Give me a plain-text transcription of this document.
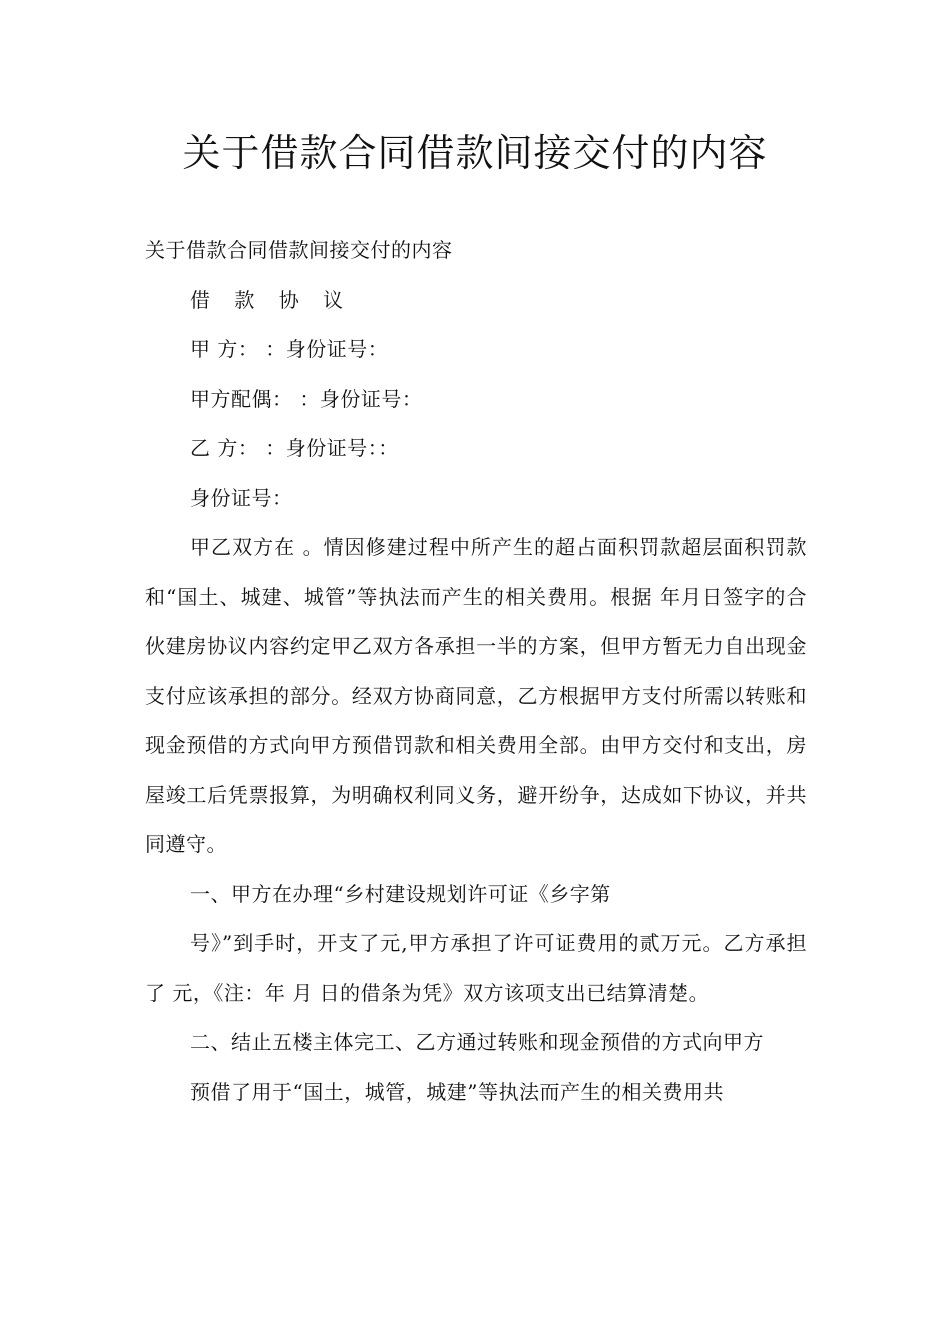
关于借款合同借款间接交付的内容

关于借款合同借款间接交付的内容

借 款 协 议

甲 方： ：身份证号：

甲方配偶： ：身份证号：

乙 方： ：身份证号：：

身份证号：

甲乙双方在 。情因修建过程中所产生的超占面积罚款超层面积罚款和“国土、城建、城管”等执法而产生的相关费用。根据 年月日签字的合伙建房协议内容约定甲乙双方各承担一半的方案，但甲方暂无力自出现金支付应该承担的部分。经双方协商同意，乙方根据甲方支付所需以转账和现金预借的方式向甲方预借罚款和相关费用全部。由甲方交付和支出，房屋竣工后凭票报算，为明确权利同义务，避开纷争，达成如下协议，并共同遵守。

一、甲方在办理“乡村建设规划许可证《乡字第

号》”到手时，开支了元,甲方承担了许可证费用的贰万元。乙方承担了 元，《注：年 月 日的借条为凭》双方该项支出已结算清楚。

二、结止五楼主体完工、乙方通过转账和现金预借的方式向甲方

预借了用于“国土，城管，城建”等执法而产生的相关费用共
